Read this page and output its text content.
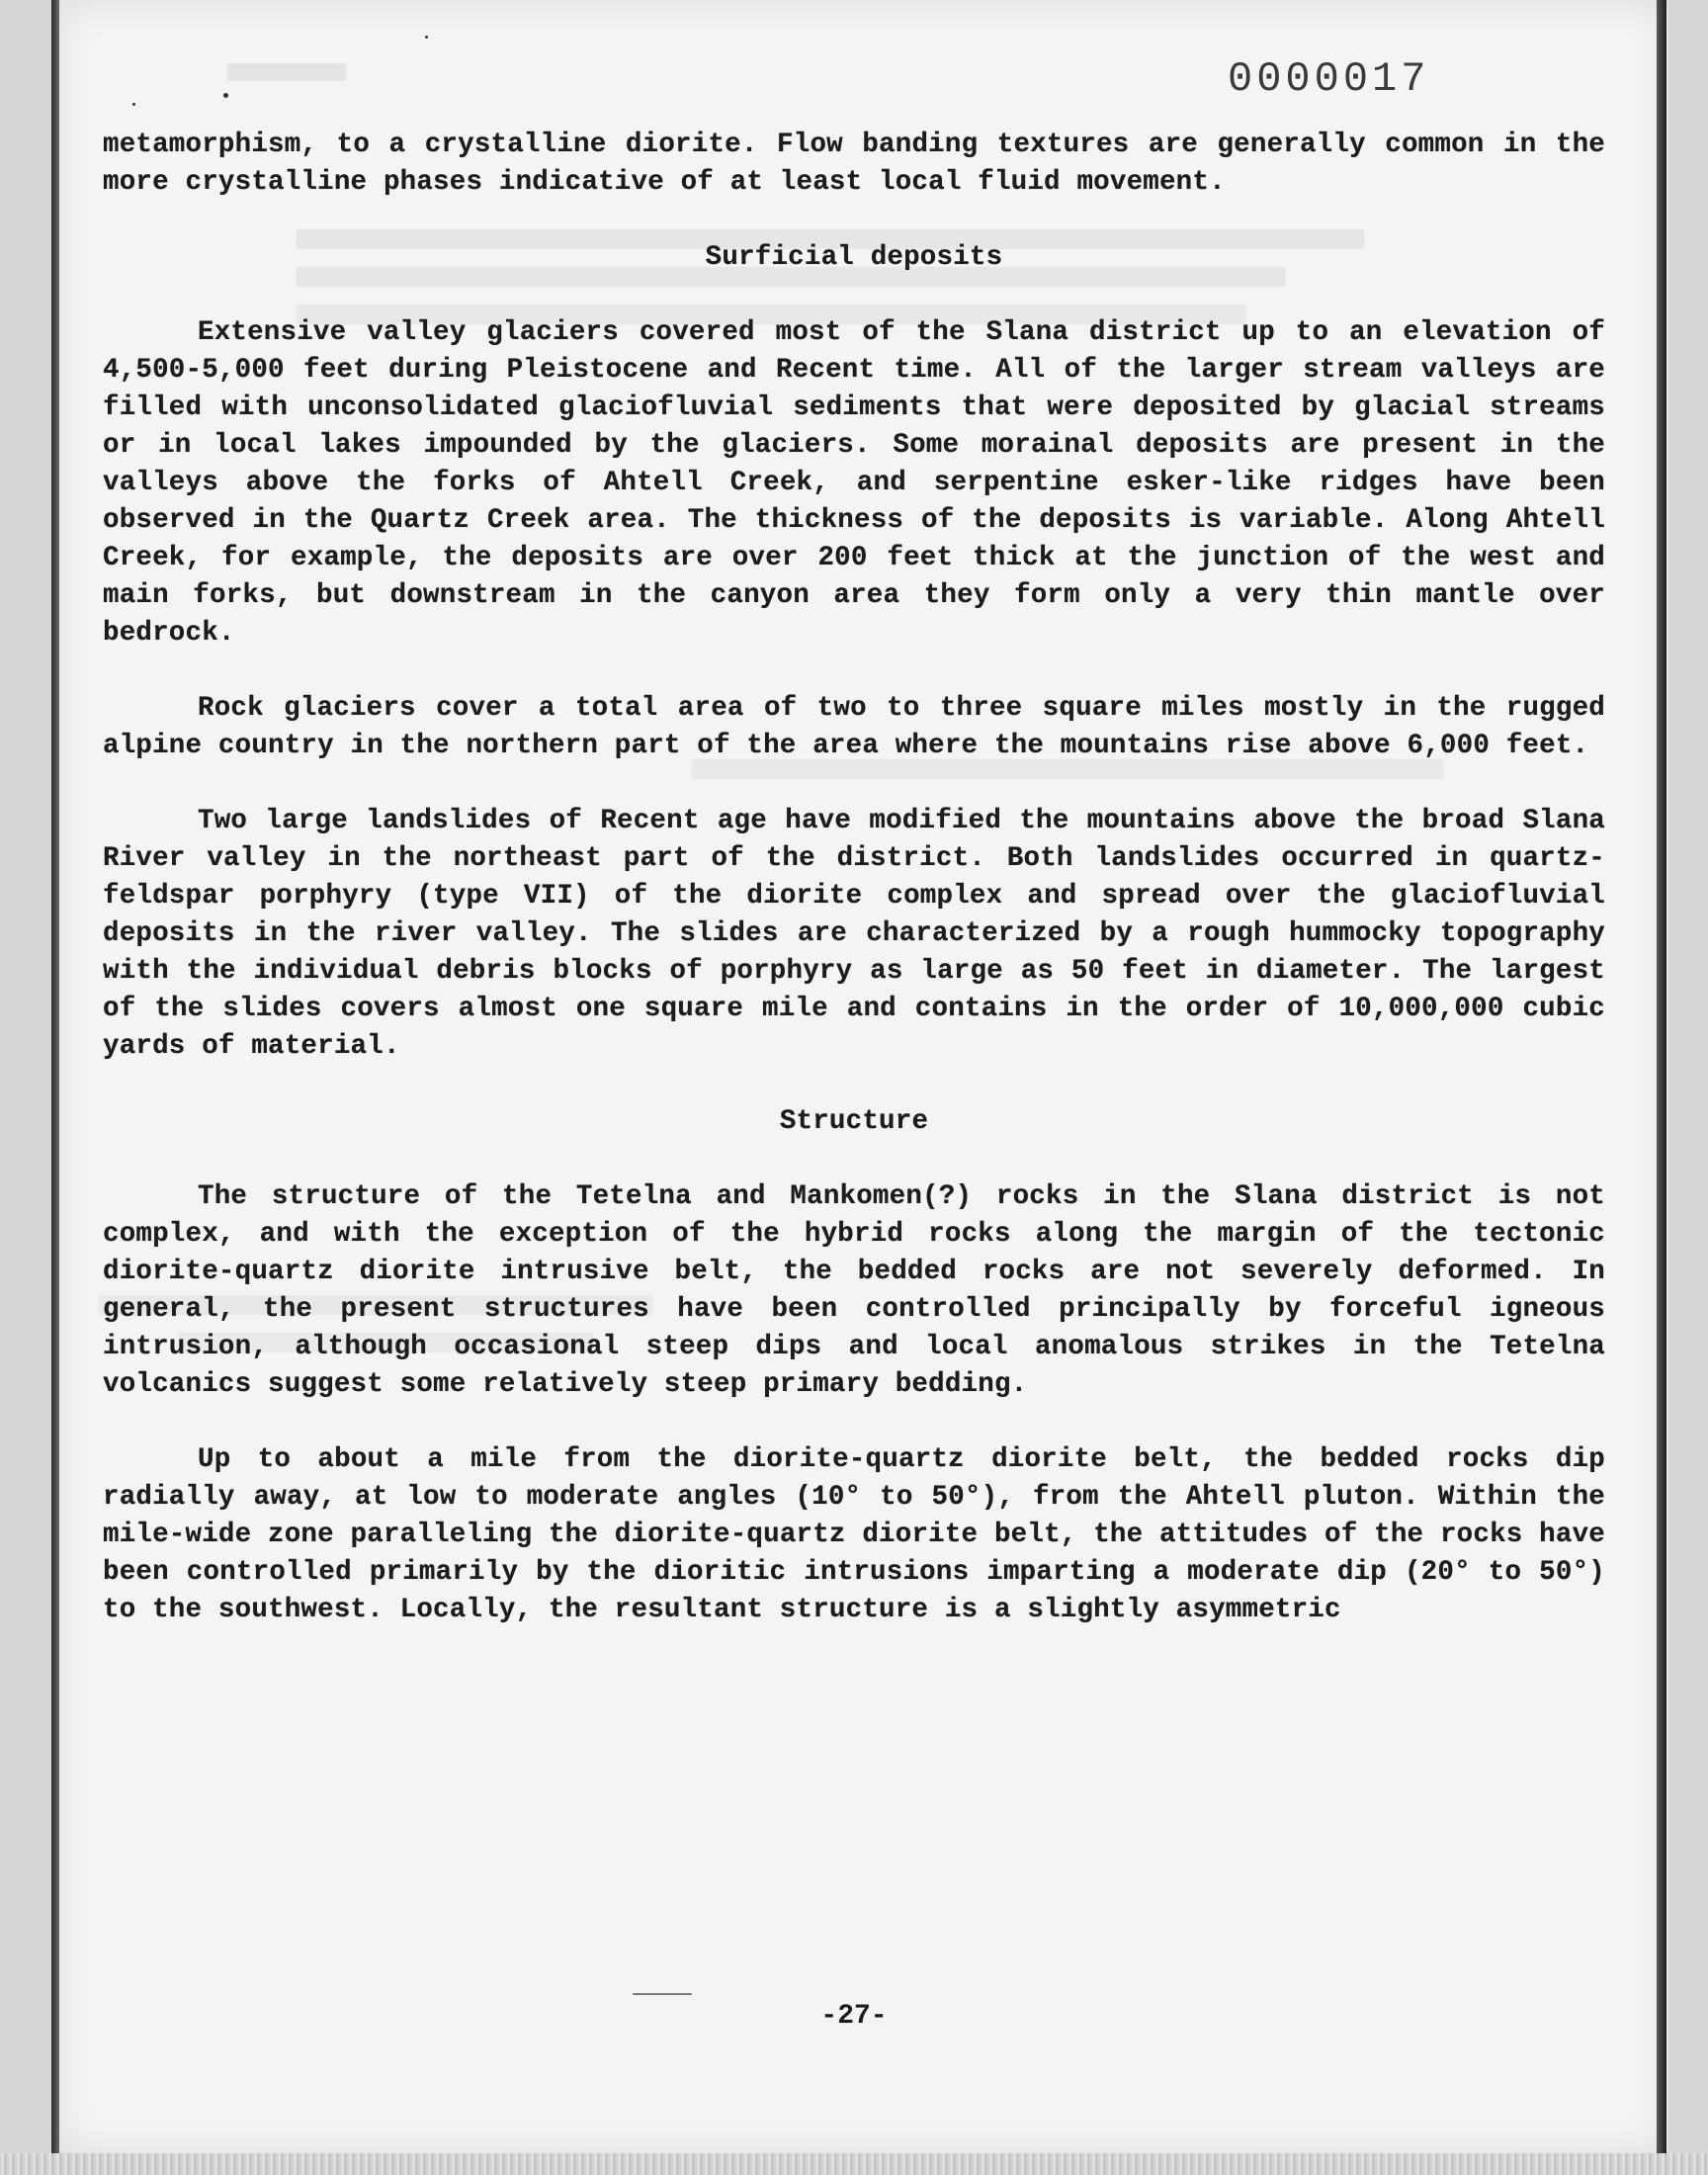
0000017

metamorphism, to a crystalline diorite. Flow banding textures are generally common in the more crystalline phases indicative of at least local fluid movement.

Surficial deposits

Extensive valley glaciers covered most of the Slana district up to an elevation of 4,500-5,000 feet during Pleistocene and Recent time. All of the larger stream valleys are filled with unconsolidated glaciofluvial sediments that were deposited by glacial streams or in local lakes impounded by the glaciers. Some morainal deposits are present in the valleys above the forks of Ahtell Creek, and serpentine esker-like ridges have been observed in the Quartz Creek area. The thickness of the deposits is variable. Along Ahtell Creek, for example, the deposits are over 200 feet thick at the junction of the west and main forks, but downstream in the canyon area they form only a very thin mantle over bedrock.

Rock glaciers cover a total area of two to three square miles mostly in the rugged alpine country in the northern part of the area where the mountains rise above 6,000 feet.

Two large landslides of Recent age have modified the mountains above the broad Slana River valley in the northeast part of the district. Both landslides occurred in quartz-feldspar porphyry (type VII) of the diorite complex and spread over the glaciofluvial deposits in the river valley. The slides are characterized by a rough hummocky topography with the individual debris blocks of porphyry as large as 50 feet in diameter. The largest of the slides covers almost one square mile and contains in the order of 10,000,000 cubic yards of material.

Structure

The structure of the Tetelna and Mankomen(?) rocks in the Slana district is not complex, and with the exception of the hybrid rocks along the margin of the tectonic diorite-quartz diorite intrusive belt, the bedded rocks are not severely deformed. In general, the present structures have been controlled principally by forceful igneous intrusion, although occasional steep dips and local anomalous strikes in the Tetelna volcanics suggest some relatively steep primary bedding.

Up to about a mile from the diorite-quartz diorite belt, the bedded rocks dip radially away, at low to moderate angles (10° to 50°), from the Ahtell pluton. Within the mile-wide zone paralleling the diorite-quartz diorite belt, the attitudes of the rocks have been controlled primarily by the dioritic intrusions imparting a moderate dip (20° to 50°) to the southwest. Locally, the resultant structure is a slightly asymmetric

-27-
